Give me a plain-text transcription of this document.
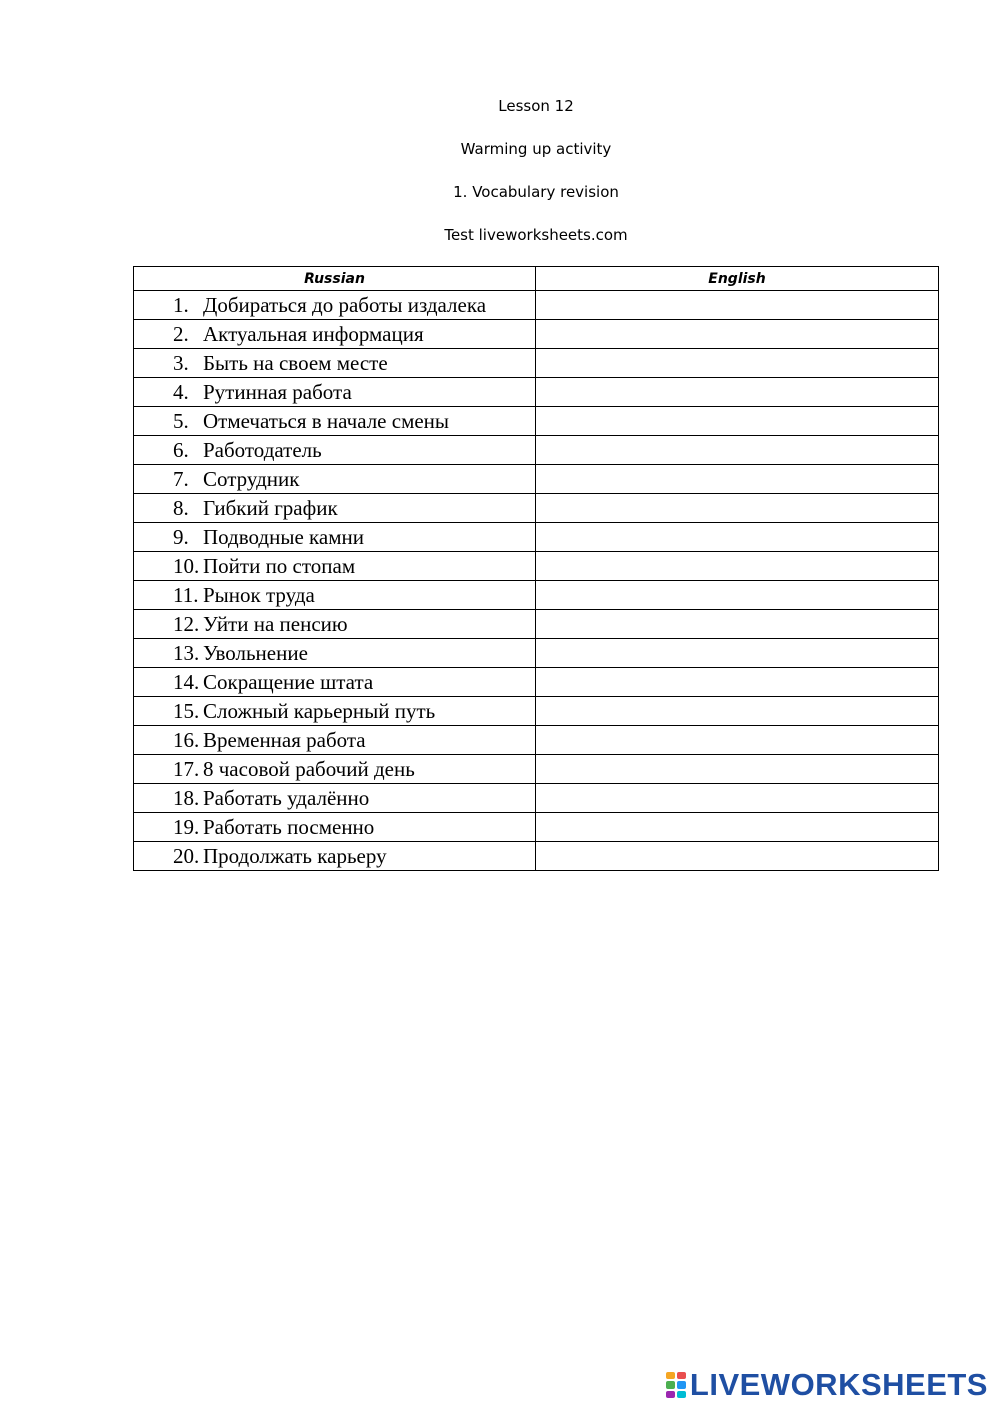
Lesson 12
Warming up activity
1. Vocabulary revision
Test liveworksheets.com
Russian	English
1. Добираться до работы издалека	
2. Актуальная информация	
3. Быть на своем месте	
4. Рутинная работа	
5. Отмечаться в начале смены	
6. Работодатель	
7. Сотрудник	
8. Гибкий график	
9. Подводные камни	
10. Пойти по стопам	
11. Рынок труда	
12. Уйти на пенсию	
13. Увольнение	
14. Сокращение штата	
15. Сложный карьерный путь	
16. Временная работа	
17. 8 часовой рабочий день	
18. Работать удалённо	
19. Работать посменно	
20. Продолжать карьеру	
LIVEWORKSHEETS
